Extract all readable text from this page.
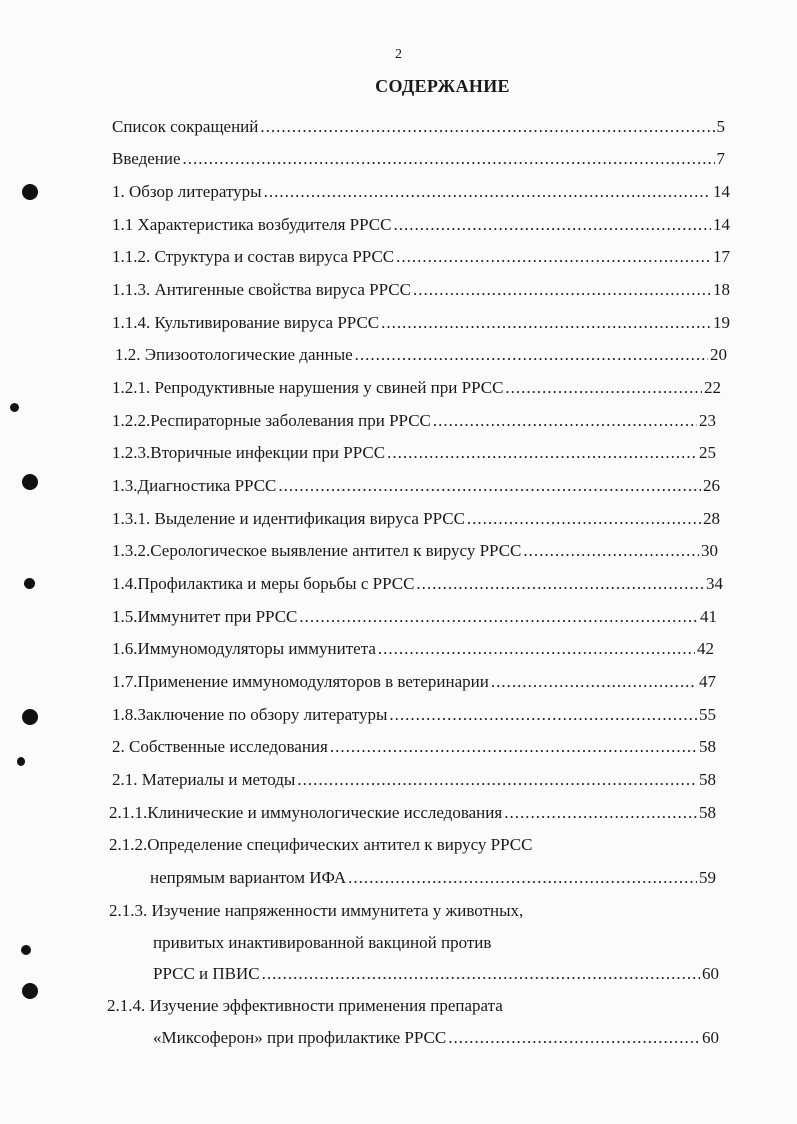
2
СОДЕРЖАНИЕ
Список сокращений .....	5
Введение .....	7
1. Обзор литературы .....	14
1.1 Характеристика возбудителя РРСС .....	14
1.1.2. Структура и состав вируса РРСС .....	17
1.1.3. Антигенные свойства вируса РРСС .....	18
1.1.4. Культивирование вируса РРСС .....	19
1.2. Эпизоотологические данные .....	20
1.2.1. Репродуктивные нарушения у свиней при РРСС .....	22
1.2.2.Респираторные заболевания при РРСС .....	23
1.2.3.Вторичные инфекции при РРСС .....	25
1.3.Диагностика РРСС .....	26
1.3.1. Выделение и идентификация вируса РРСС .....	28
1.3.2.Серологическое выявление антител к вирусу РРСС .....	30
1.4.Профилактика и меры борьбы с РРСС .....	34
1.5.Иммунитет при РРСС .....	41
1.6.Иммуномодуляторы иммунитета .....	42
1.7.Применение иммуномодуляторов в ветеринарии .....	47
1.8.Заключение по обзору литературы .....	55
2. Собственные исследования .....	58
2.1. Материалы и методы .....	58
2.1.1.Клинические и иммунологические исследования .....	58
2.1.2.Определение специфических антител к вирусу РРСС
непрямым вариантом ИФА .....	59
2.1.3. Изучение напряженности иммунитета у животных,
привитых инактивированной вакциной против
РРСС и ПВИС .....	60
2.1.4. Изучение эффективности применения препарата
«Миксоферон» при профилактике РРСС .....	60
